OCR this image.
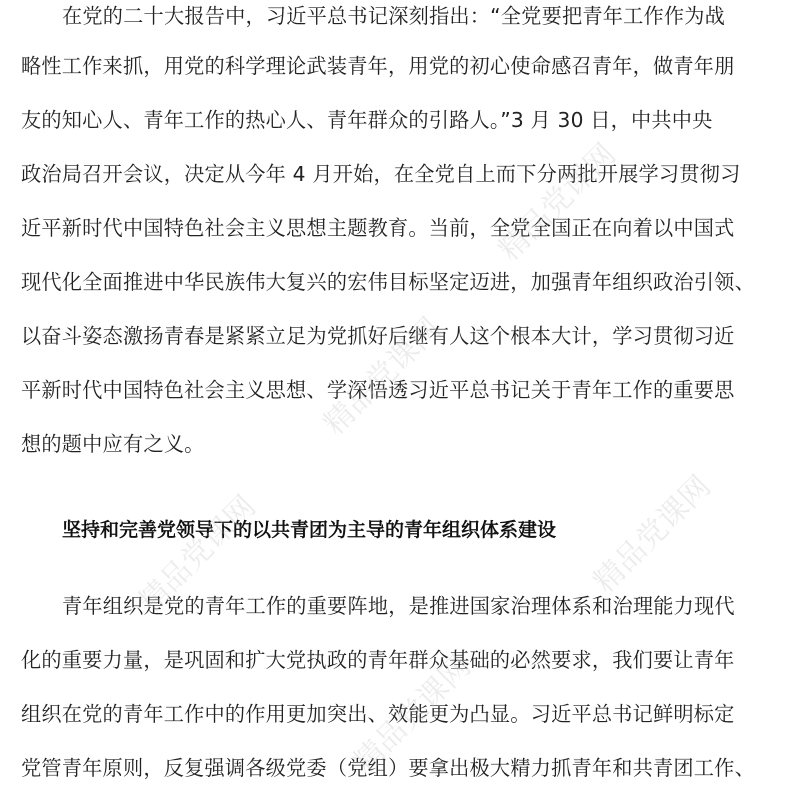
在党的二十大报告中，习近平总书记深刻指出：“全党要把青年工作作为战
略性工作来抓，用党的科学理论武装青年，用党的初心使命感召青年，做青年朋
友的知心人、青年工作的热心人、青年群众的引路人。”3 月 30 日，中共中央
政治局召开会议，决定从今年 4 月开始，在全党自上而下分两批开展学习贯彻习
近平新时代中国特色社会主义思想主题教育。当前，全党全国正在向着以中国式
现代化全面推进中华民族伟大复兴的宏伟目标坚定迈进，加强青年组织政治引领、
以奋斗姿态激扬青春是紧紧立足为党抓好后继有人这个根本大计，学习贯彻习近
平新时代中国特色社会主义思想、学深悟透习近平总书记关于青年工作的重要思
想的题中应有之义。
坚持和完善党领导下的以共青团为主导的青年组织体系建设
青年组织是党的青年工作的重要阵地，是推进国家治理体系和治理能力现代
化的重要力量，是巩固和扩大党执政的青年群众基础的必然要求，我们要让青年
组织在党的青年工作中的作用更加突出、效能更为凸显。习近平总书记鲜明标定
党管青年原则，反复强调各级党委（党组）要拿出极大精力抓青年和共青团工作、
精品党课网
精品党课网
精品党课网
精品党课网
精品党课网
